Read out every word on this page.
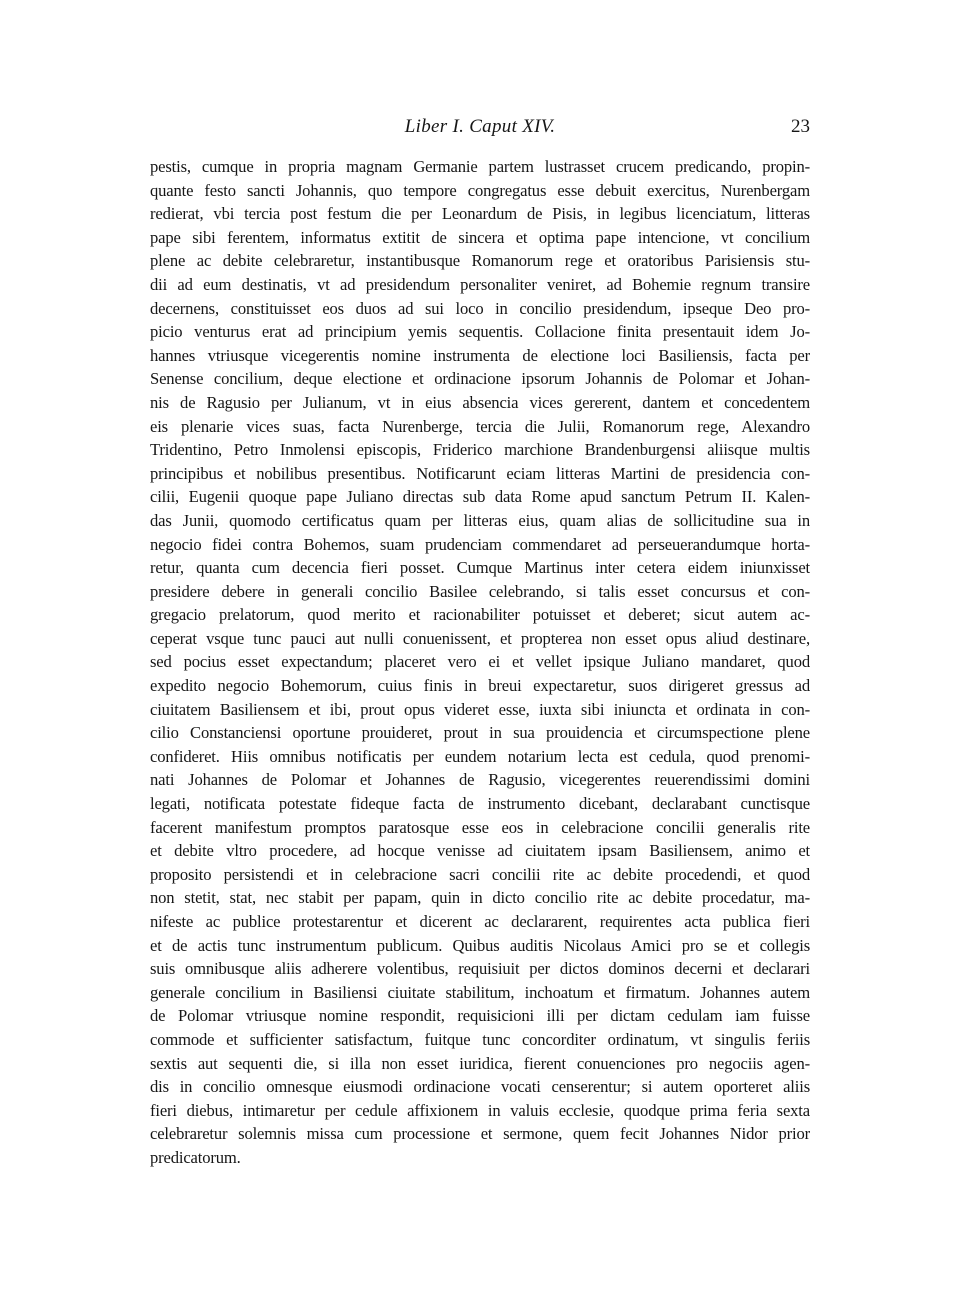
Liber I. Caput XIV.	23
pestis, cumque in propria magnam Germanie partem lustrasset crucem predicando, propin-
quante festo sancti Johannis, quo tempore congregatus esse debuit exercitus, Nurenbergam
redierat, vbi tercia post festum die per Leonardum de Pisis, in legibus licenciatum, litteras
pape sibi ferentem, informatus extitit de sincera et optima pape intencione, vt concilium
plene ac debite celebraretur, instantibusque Romanorum rege et oratoribus Parisiensis stu-
dii ad eum destinatis, vt ad presidendum personaliter veniret, ad Bohemie regnum transire
decernens, constituisset eos duos ad sui loco in concilio presidendum, ipseque Deo pro-
picio venturus erat ad principium yemis sequentis. Collacione finita presentauit idem Jo-
hannes vtriusque vicegerentis nomine instrumenta de electione loci Basiliensis, facta per
Senense concilium, deque electione et ordinacione ipsorum Johannis de Polomar et Johan-
nis de Ragusio per Julianum, vt in eius absencia vices gererent, dantem et concedentem
eis plenarie vices suas, facta Nurenberge, tercia die Julii, Romanorum rege, Alexandro
Tridentino, Petro Inmolensi episcopis, Friderico marchione Brandenburgensi aliisque multis
principibus et nobilibus presentibus. Notificarunt eciam litteras Martini de presidencia con-
cilii, Eugenii quoque pape Juliano directas sub data Rome apud sanctum Petrum II. Kalen-
das Junii, quomodo certificatus quam per litteras eius, quam alias de sollicitudine sua in
negocio fidei contra Bohemos, suam prudenciam commendaret ad perseuerandumque horta-
retur, quanta cum decencia fieri posset. Cumque Martinus inter cetera eidem iniunxisset
presidere debere in generali concilio Basilee celebrando, si talis esset concursus et con-
gregacio prelatorum, quod merito et racionabiliter potuisset et deberet; sicut autem ac-
ceperat vsque tunc pauci aut nulli conuenissent, et propterea non esset opus aliud destinare,
sed pocius esset expectandum; placeret vero ei et vellet ipsique Juliano mandaret, quod
expedito negocio Bohemorum, cuius finis in breui expectaretur, suos dirigeret gressus ad
ciuitatem Basiliensem et ibi, prout opus videret esse, iuxta sibi iniuncta et ordinata in con-
cilio Constanciensi oportune prouideret, prout in sua prouidencia et circumspectione plene
confideret. Hiis omnibus notificatis per eundem notarium lecta est cedula, quod prenomi-
nati Johannes de Polomar et Johannes de Ragusio, vicegerentes reuerendissimi domini
legati, notificata potestate fideque facta de instrumento dicebant, declarabant cunctisque
facerent manifestum promptos paratosque esse eos in celebracione concilii generalis rite
et debite vltro procedere, ad hocque venisse ad ciuitatem ipsam Basiliensem, animo et
proposito persistendi et in celebracione sacri concilii rite ac debite procedendi, et quod
non stetit, stat, nec stabit per papam, quin in dicto concilio rite ac debite procedatur, ma-
nifeste ac publice protestarentur et dicerent ac declararent, requirentes acta publica fieri
et de actis tunc instrumentum publicum. Quibus auditis Nicolaus Amici pro se et collegis
suis omnibusque aliis adherere volentibus, requisiuit per dictos dominos decerni et declarari
generale concilium in Basiliensi ciuitate stabilitum, inchoatum et firmatum. Johannes autem
de Polomar vtriusque nomine respondit, requisicioni illi per dictam cedulam iam fuisse
commode et sufficienter satisfactum, fuitque tunc concorditer ordinatum, vt singulis feriis
sextis aut sequenti die, si illa non esset iuridica, fierent conuenciones pro negociis agen-
dis in concilio omnesque eiusmodi ordinacione vocati censerentur; si autem oporteret aliis
fieri diebus, intimaretur per cedule affixionem in valuis ecclesie, quodque prima feria sexta
celebraretur solemnis missa cum processione et sermone, quem fecit Johannes Nidor prior
predicatorum.
